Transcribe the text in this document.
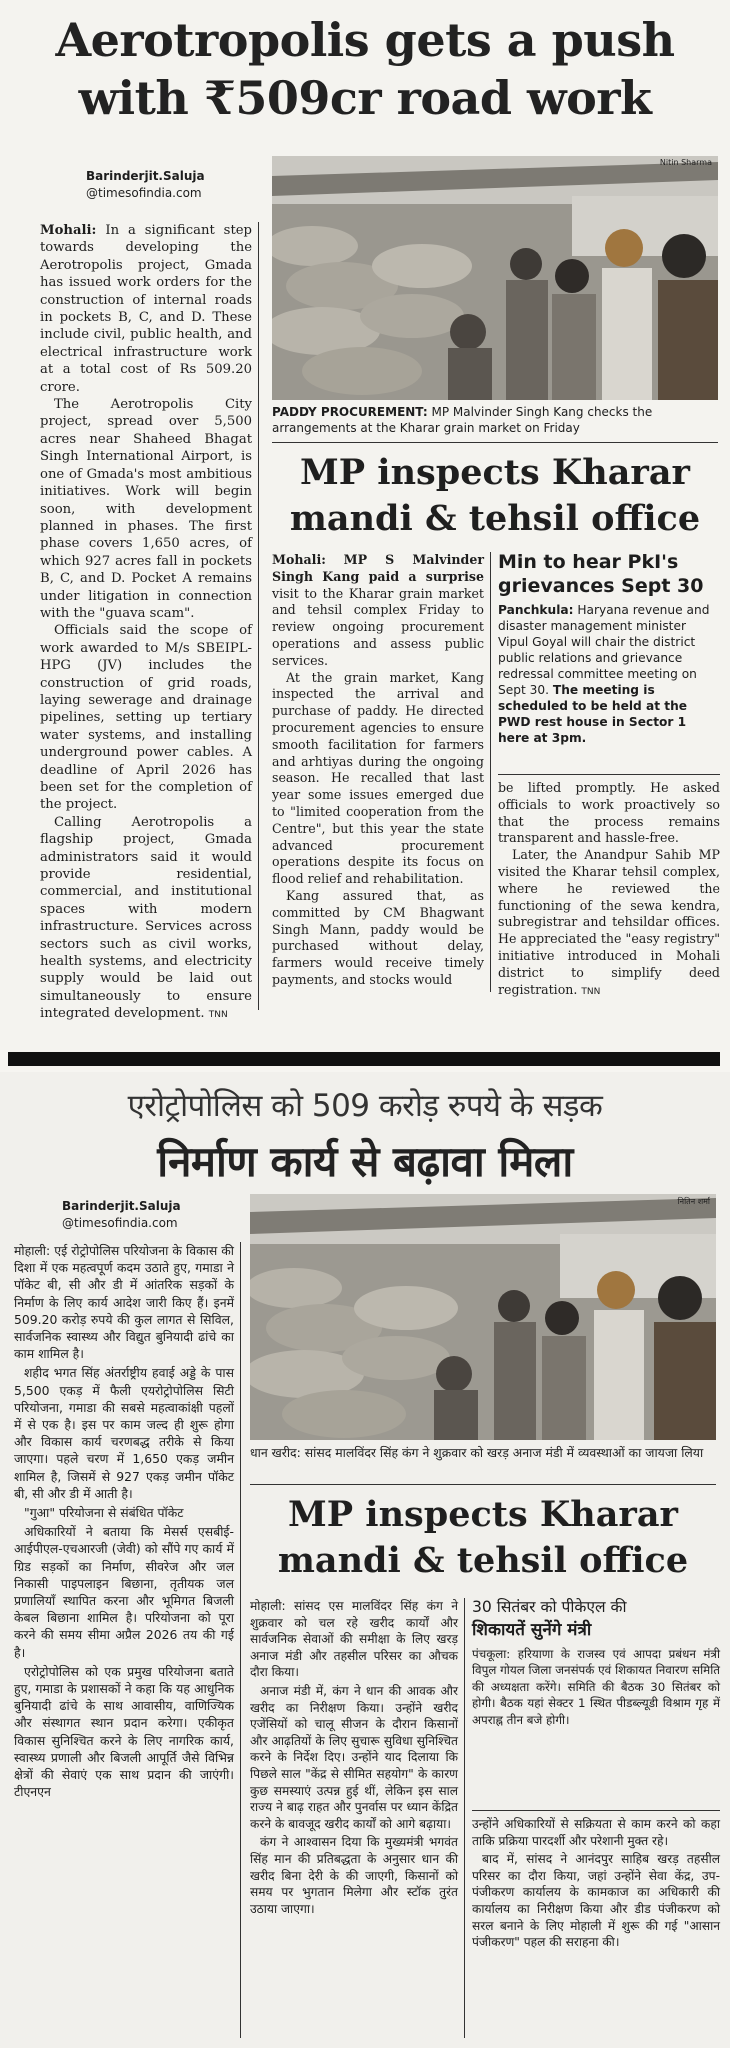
Aerotropolis gets a push
with ₹509cr road work
Barinderjit.Saluja
@timesofindia.com

Mohali: In a significant step towards developing the Aerotropolis project, Gmada has issued work orders for the construction of internal roads in pockets B, C, and D. These include civil, public health, and electrical infrastructure work at a total cost of Rs 509.20 crore.

The Aerotropolis City project, spread over 5,500 acres near Shaheed Bhagat Singh International Airport, is one of Gmada's most ambitious initiatives. Work will begin soon, with development planned in phases. The first phase covers 1,650 acres, of which 927 acres fall in pockets B, C, and D. Pocket A remains under litigation in connection with the "guava scam".

Officials said the scope of work awarded to M/s SBEIPL-HPG (JV) includes the construction of grid roads, laying sewerage and drainage pipelines, setting up tertiary water systems, and installing underground power cables. A deadline of April 2026 has been set for the completion of the project.

Calling Aerotropolis a flagship project, Gmada administrators said it would provide residential, commercial, and institutional spaces with modern infrastructure. Services across sectors such as civil works, health systems, and electricity supply would be laid out simultaneously to ensure integrated development. TNN

Nitin Sharma
PADDY PROCUREMENT: MP Malvinder Singh Kang checks the arrangements at the Kharar grain market on Friday
MP inspects Kharar
mandi & tehsil office

Mohali: MP S Malvinder Singh Kang paid a surprise visit to the Kharar grain market and tehsil complex Friday to review ongoing procurement operations and assess public services.

At the grain market, Kang inspected the arrival and purchase of paddy. He directed procurement agencies to ensure smooth facilitation for farmers and arhtiyas during the ongoing season. He recalled that last year some issues emerged due to "limited cooperation from the Centre", but this year the state advanced procurement operations despite its focus on flood relief and rehabilitation.

Kang assured that, as committed by CM Bhagwant Singh Mann, paddy would be purchased without delay, farmers would receive timely payments, and stocks would

Min to hear PkI's
grievances Sept 30
Panchkula: Haryana revenue and disaster management minister Vipul Goyal will chair the district public relations and grievance redressal committee meeting on Sept 30. The meeting is scheduled to be held at the PWD rest house in Sector 1 here at 3pm.

be lifted promptly. He asked officials to work proactively so that the process remains transparent and hassle-free.

Later, the Anandpur Sahib MP visited the Kharar tehsil complex, where he reviewed the functioning of the sewa kendra, subregistrar and tehsildar offices. He appreciated the "easy registry" initiative introduced in Mohali district to simplify deed registration. TNN

एरोट्रोपोलिस को 509 करोड़ रुपये के सड़क
निर्माण कार्य से बढ़ावा मिला
Barinderjit.Saluja
@timesofindia.com

मोहाली: एई रोट्रोपोलिस परियोजना के विकास की दिशा में एक महत्वपूर्ण कदम उठाते हुए, गमाडा ने पॉकेट बी, सी और डी में आंतरिक सड़कों के निर्माण के लिए कार्य आदेश जारी किए हैं। इनमें 509.20 करोड़ रुपये की कुल लागत से सिविल, सार्वजनिक स्वास्थ्य और विद्युत बुनियादी ढांचे का काम शामिल है।

शहीद भगत सिंह अंतर्राष्ट्रीय हवाई अड्डे के पास 5,500 एकड़ में फैली एयरोट्रोपोलिस सिटी परियोजना, गमाडा की सबसे महत्वाकांक्षी पहलों में से एक है। इस पर काम जल्द ही शुरू होगा और विकास कार्य चरणबद्ध तरीके से किया जाएगा। पहले चरण में 1,650 एकड़ जमीन शामिल है, जिसमें से 927 एकड़ जमीन पॉकेट बी, सी और डी में आती है।

"गुआ" परियोजना से संबंधित पॉकेट

अधिकारियों ने बताया कि मेसर्स एसबीई-आईपीएल-एचआरजी (जेवी) को सौंपे गए कार्य में ग्रिड सड़कों का निर्माण, सीवरेज और जल निकासी पाइपलाइन बिछाना, तृतीयक जल प्रणालियाँ स्थापित करना और भूमिगत बिजली केबल बिछाना शामिल है। परियोजना को पूरा करने की समय सीमा अप्रैल 2026 तय की गई है।

एरोट्रोपोलिस को एक प्रमुख परियोजना बताते हुए, गमाडा के प्रशासकों ने कहा कि यह आधुनिक बुनियादी ढांचे के साथ आवासीय, वाणिज्यिक और संस्थागत स्थान प्रदान करेगा। एकीकृत विकास सुनिश्चित करने के लिए नागरिक कार्य, स्वास्थ्य प्रणाली और बिजली आपूर्ति जैसे विभिन्न क्षेत्रों की सेवाएं एक साथ प्रदान की जाएंगी। टीएनएन

नितिन शर्मा
धान खरीद: सांसद मालविंदर सिंह कंग ने शुक्रवार को खरड़ अनाज मंडी में व्यवस्थाओं का जायजा लिया
MP inspects Kharar
mandi & tehsil office

मोहाली: सांसद एस मालविंदर सिंह कंग ने शुक्रवार को चल रहे खरीद कार्यों और सार्वजनिक सेवाओं की समीक्षा के लिए खरड़ अनाज मंडी और तहसील परिसर का औचक दौरा किया।

अनाज मंडी में, कंग ने धान की आवक और खरीद का निरीक्षण किया। उन्होंने खरीद एजेंसियों को चालू सीजन के दौरान किसानों और आढ़तियों के लिए सुचारू सुविधा सुनिश्चित करने के निर्देश दिए। उन्होंने याद दिलाया कि पिछले साल "केंद्र से सीमित सहयोग" के कारण कुछ समस्याएं उत्पन्न हुई थीं, लेकिन इस साल राज्य ने बाढ़ राहत और पुनर्वास पर ध्यान केंद्रित करने के बावजूद खरीद कार्यों को आगे बढ़ाया।

कंग ने आश्वासन दिया कि मुख्यमंत्री भगवंत सिंह मान की प्रतिबद्धता के अनुसार धान की खरीद बिना देरी के की जाएगी, किसानों को समय पर भुगतान मिलेगा और स्टॉक तुरंत उठाया जाएगा।

30 सितंबर को पीकेएल की
शिकायतें सुनेंगे मंत्री
पंचकूला: हरियाणा के राजस्व एवं आपदा प्रबंधन मंत्री विपुल गोयल जिला जनसंपर्क एवं शिकायत निवारण समिति की अध्यक्षता करेंगे। समिति की बैठक 30 सितंबर को होगी। बैठक यहां सेक्टर 1 स्थित पीडब्ल्यूडी विश्राम गृह में अपराह्न तीन बजे होगी।

उन्होंने अधिकारियों से सक्रियता से काम करने को कहा ताकि प्रक्रिया पारदर्शी और परेशानी मुक्त रहे।

बाद में, सांसद ने आनंदपुर साहिब खरड़ तहसील परिसर का दौरा किया, जहां उन्होंने सेवा केंद्र, उप-पंजीकरण कार्यालय के कामकाज का अधिकारी की कार्यालय का निरीक्षण किया और डीड पंजीकरण को सरल बनाने के लिए मोहाली में शुरू की गई "आसान पंजीकरण" पहल की सराहना की।
